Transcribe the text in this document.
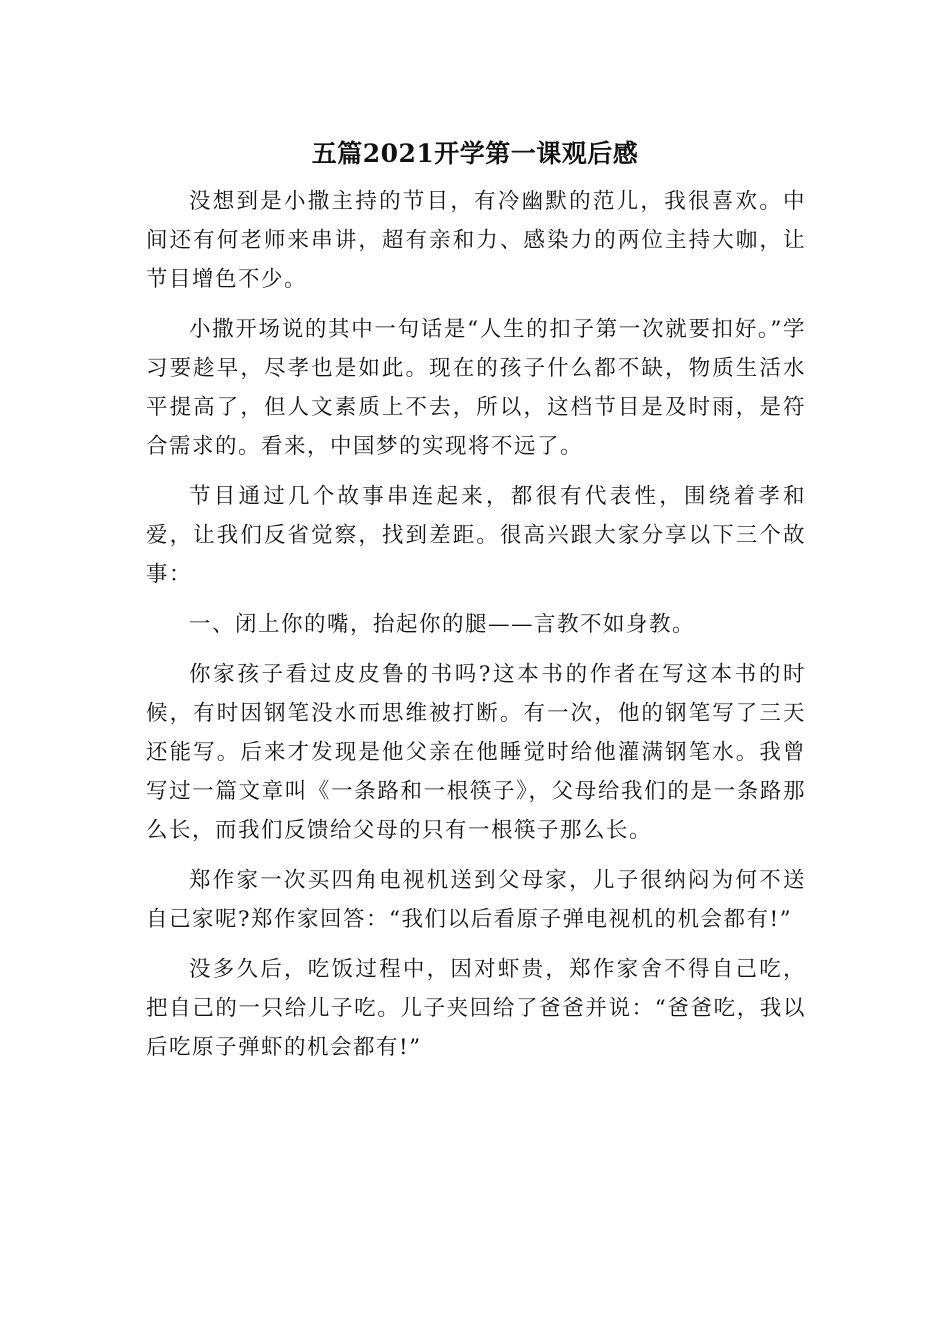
五篇2021开学第一课观后感

没想到是小撒主持的节目，有冷幽默的范儿，我很喜欢。中间还有何老师来串讲，超有亲和力、感染力的两位主持大咖，让节目增色不少。

小撒开场说的其中一句话是“人生的扣子第一次就要扣好。”学习要趁早，尽孝也是如此。现在的孩子什么都不缺，物质生活水平提高了，但人文素质上不去，所以，这档节目是及时雨，是符合需求的。看来，中国梦的实现将不远了。

节目通过几个故事串连起来，都很有代表性，围绕着孝和爱，让我们反省觉察，找到差距。很高兴跟大家分享以下三个故事：

一、闭上你的嘴，抬起你的腿——言教不如身教。

你家孩子看过皮皮鲁的书吗?这本书的作者在写这本书的时候，有时因钢笔没水而思维被打断。有一次，他的钢笔写了三天还能写。后来才发现是他父亲在他睡觉时给他灌满钢笔水。我曾写过一篇文章叫《一条路和一根筷子》，父母给我们的是一条路那么长，而我们反馈给父母的只有一根筷子那么长。

郑作家一次买四角电视机送到父母家，儿子很纳闷为何不送自己家呢?郑作家回答：“我们以后看原子弹电视机的机会都有!”

没多久后，吃饭过程中，因对虾贵，郑作家舍不得自己吃，把自己的一只给儿子吃。儿子夹回给了爸爸并说：“爸爸吃，我以后吃原子弹虾的机会都有!”
